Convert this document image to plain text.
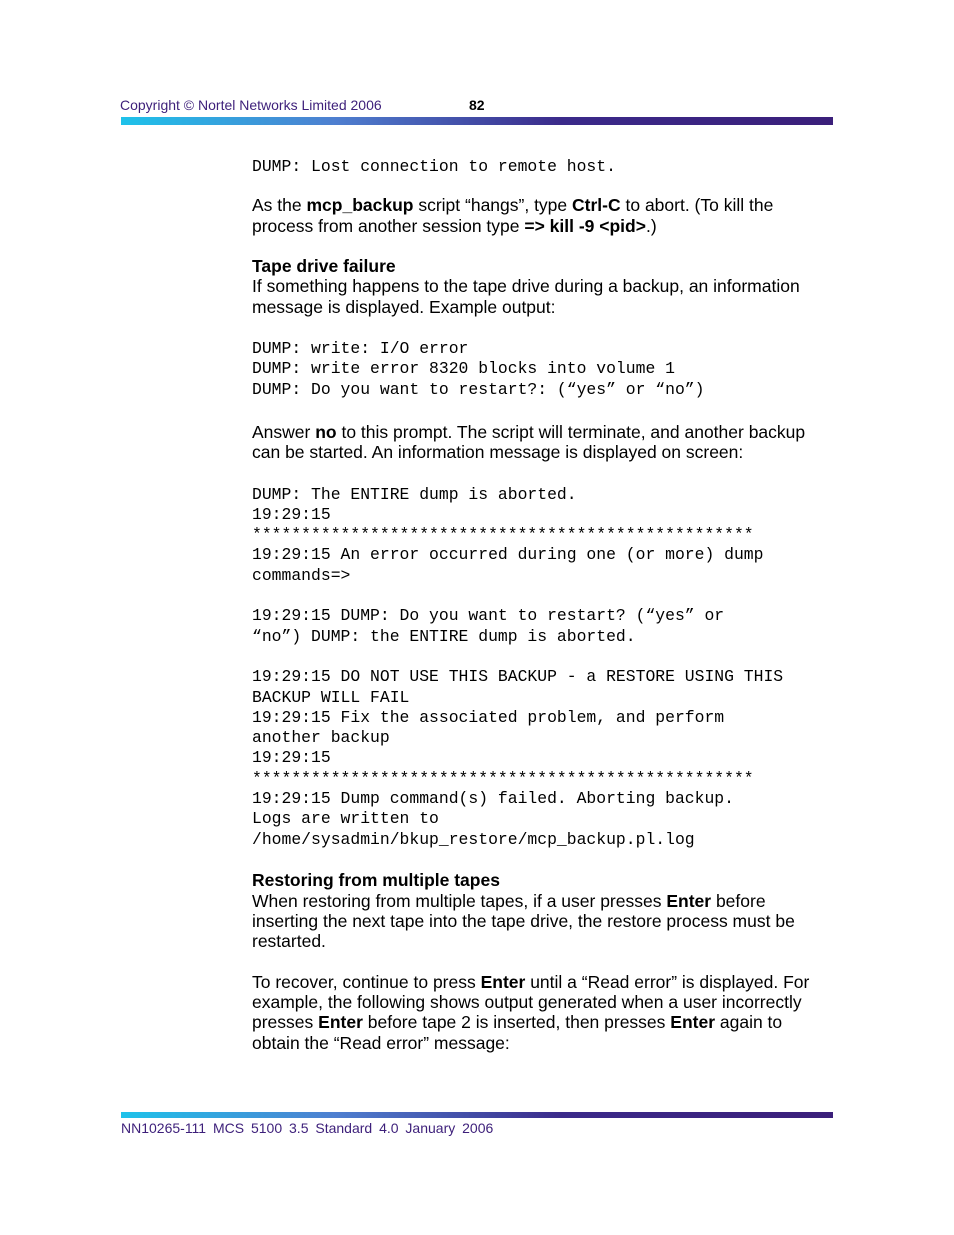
Copyright © Nortel Networks Limited 2006	82
DUMP: Lost connection to remote host.

As the mcp_backup script “hangs”, type Ctrl-C to abort. (To kill the process from another session type => kill -9 <pid>.)

Tape drive failure

If something happens to the tape drive during a backup, an information message is displayed. Example output:

DUMP: write: I/O error
DUMP: write error 8320 blocks into volume 1
DUMP: Do you want to restart?: (“yes” or “no”)

Answer no to this prompt. The script will terminate, and another backup can be started. An information message is displayed on screen:

DUMP: The ENTIRE dump is aborted.
19:29:15
***************************************************
19:29:15 An error occurred during one (or more) dump
commands=>
19:29:15 DUMP: Do you want to restart? (“yes” or
“no”) DUMP: the ENTIRE dump is aborted.
19:29:15 DO NOT USE THIS BACKUP - a RESTORE USING THIS
BACKUP WILL FAIL
19:29:15 Fix the associated problem, and perform
another backup
19:29:15
***************************************************
19:29:15 Dump command(s) failed. Aborting backup.
Logs are written to
/home/sysadmin/bkup_restore/mcp_backup.pl.log

Restoring from multiple tapes

When restoring from multiple tapes, if a user presses Enter before inserting the next tape into the tape drive, the restore process must be restarted.

To recover, continue to press Enter until a “Read error” is displayed. For example, the following shows output generated when a user incorrectly presses Enter before tape 2 is inserted, then presses Enter again to obtain the “Read error” message:

NN10265-111 MCS 5100 3.5 Standard 4.0 January 2006
